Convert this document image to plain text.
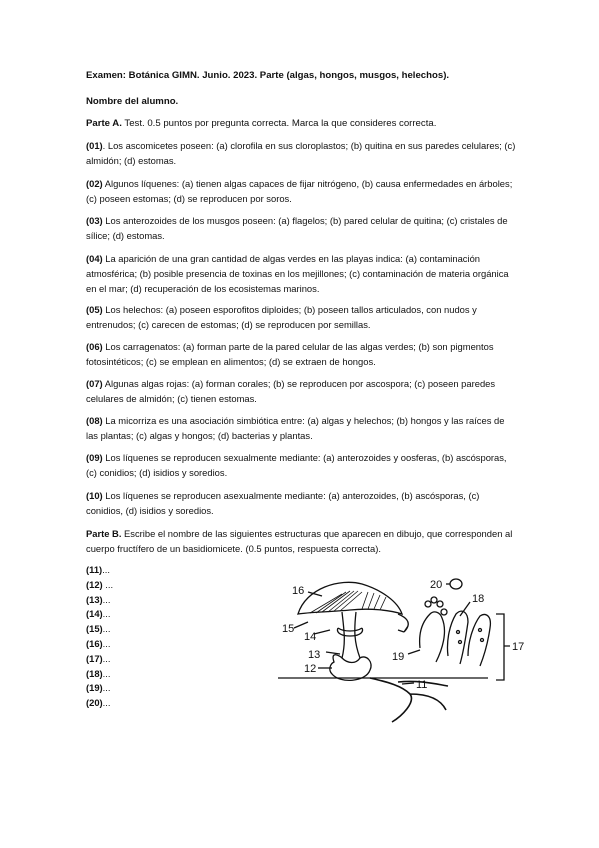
Examen: Botánica GIMN. Junio. 2023. Parte (algas, hongos, musgos, helechos).
Nombre del alumno.
Parte A. Test. 0.5 puntos por pregunta correcta. Marca la que consideres correcta.
(01). Los ascomicetes poseen: (a) clorofila en sus cloroplastos; (b) quitina en sus paredes celulares; (c) almidón; (d) estomas.
(02) Algunos líquenes: (a) tienen algas capaces de fijar nitrógeno, (b) causa enfermedades en árboles; (c) poseen estomas; (d) se reproducen por soros.
(03) Los anterozoides de los musgos poseen: (a) flagelos; (b) pared celular de quitina; (c) cristales de sílice; (d) estomas.
(04) La aparición de una gran cantidad de algas verdes en las playas indica: (a) contaminación atmosférica; (b) posible presencia de toxinas en los mejillones; (c) contaminación de materia orgánica en el mar; (d) recuperación de los ecosistemas marinos.
(05) Los helechos: (a) poseen esporofitos diploides; (b) poseen tallos articulados, con nudos y entrenudos; (c) carecen de estomas; (d) se reproducen por semillas.
(06) Los carragenatos: (a) forman parte de la pared celular de las algas verdes; (b) son pigmentos fotosintéticos; (c) se emplean en alimentos; (d) se extraen de hongos.
(07) Algunas algas rojas: (a) forman corales; (b) se reproducen por ascospora; (c) poseen paredes celulares de almidón; (c) tienen estomas.
(08) La micorriza es una asociación simbiótica entre: (a) algas y helechos; (b) hongos y las raíces de las plantas; (c) algas y hongos; (d) bacterias y plantas.
(09) Los líquenes se reproducen sexualmente mediante: (a) anterozoides y oosferas, (b) ascósporas, (c) conidios; (d) isidios y soredios.
(10) Los líquenes se reproducen asexualmente mediante: (a) anterozoides, (b) ascósporas, (c) conidios, (d) isidios y soredios.
Parte B. Escribe el nombre de las siguientes estructuras que aparecen en dibujo, que corresponden al cuerpo fructífero de un basidiomicete. (0.5 puntos, respuesta correcta).
(11)...
(12) ...
(13)...
(14)...
(15)...
(16)...
(17)...
(18)...
(19)...
(20)...
16
15
14
13
12
11
20
18
19
17
